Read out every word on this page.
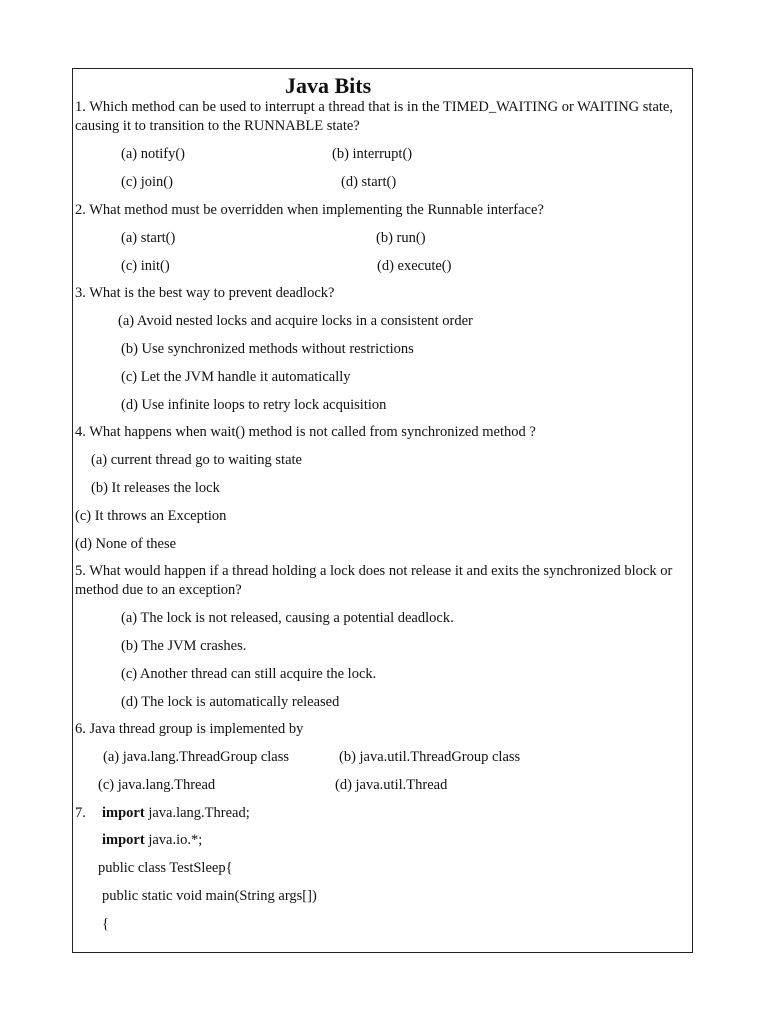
Java Bits
1. Which method can be used to interrupt a thread that is in the TIMED_WAITING or WAITING state, causing it to transition to the RUNNABLE state?
(a) notify()	(b) interrupt()
(c) join()	(d) start()
2. What method must be overridden when implementing the Runnable interface?
(a) start()	(b) run()
(c) init()	(d) execute()
3. What is the best way to prevent deadlock?
(a) Avoid nested locks and acquire locks in a consistent order
(b) Use synchronized methods without restrictions
(c) Let the JVM handle it automatically
(d) Use infinite loops to retry lock acquisition
4. What happens when wait() method is not called from synchronized method ?
(a) current thread go to waiting state
(b) It releases the lock
(c) It throws an Exception
(d) None of these
5. What would happen if a thread holding a lock does not release it and exits the synchronized block or method due to an exception?
(a) The lock is not released, causing a potential deadlock.
(b) The JVM crashes.
(c) Another thread can still acquire the lock.
(d) The lock is automatically released
6. Java thread group is implemented by
(a) java.lang.ThreadGroup class	(b) java.util.ThreadGroup class
(c) java.lang.Thread	(d) java.util.Thread
7. import java.lang.Thread;
import java.io.*;
public class TestSleep{
public static void main(String args[])
{
